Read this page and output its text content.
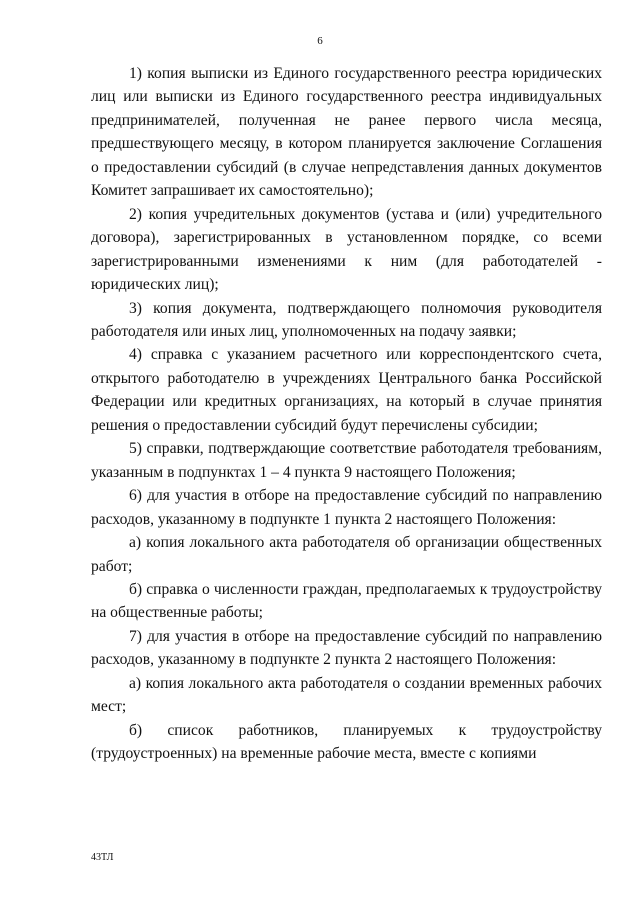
6

1) копия выписки из Единого государственного реестра юридических лиц или выписки из Единого государственного реестра индивидуальных предпринимателей, полученная не ранее первого числа месяца, предшествующего месяцу, в котором планируется заключение Соглашения о предоставлении субсидий (в случае непредставления данных документов Комитет запрашивает их самостоятельно);

2) копия учредительных документов (устава и (или) учредительного договора), зарегистрированных в установленном порядке, со всеми зарегистрированными изменениями к ним (для работодателей - юридических лиц);

3) копия документа, подтверждающего полномочия руководителя работодателя или иных лиц, уполномоченных на подачу заявки;

4) справка с указанием расчетного или корреспондентского счета, открытого работодателю в учреждениях Центрального банка Российской Федерации или кредитных организациях, на который в случае принятия решения о предоставлении субсидий будут перечислены субсидии;

5) справки, подтверждающие соответствие работодателя требованиям, указанным в подпунктах 1 – 4 пункта 9 настоящего Положения;

6) для участия в отборе на предоставление субсидий по направлению расходов, указанному в подпункте 1 пункта 2 настоящего Положения:

а) копия локального акта работодателя об организации общественных работ;

б) справка о численности граждан, предполагаемых к трудоустройству на общественные работы;

7) для участия в отборе на предоставление субсидий по направлению расходов, указанному в подпункте 2 пункта 2 настоящего Положения:

а) копия локального акта работодателя о создании временных рабочих мест;

б) список работников, планируемых к трудоустройству (трудоустроенных) на временные рабочие места, вместе с копиями

43ТЛ
